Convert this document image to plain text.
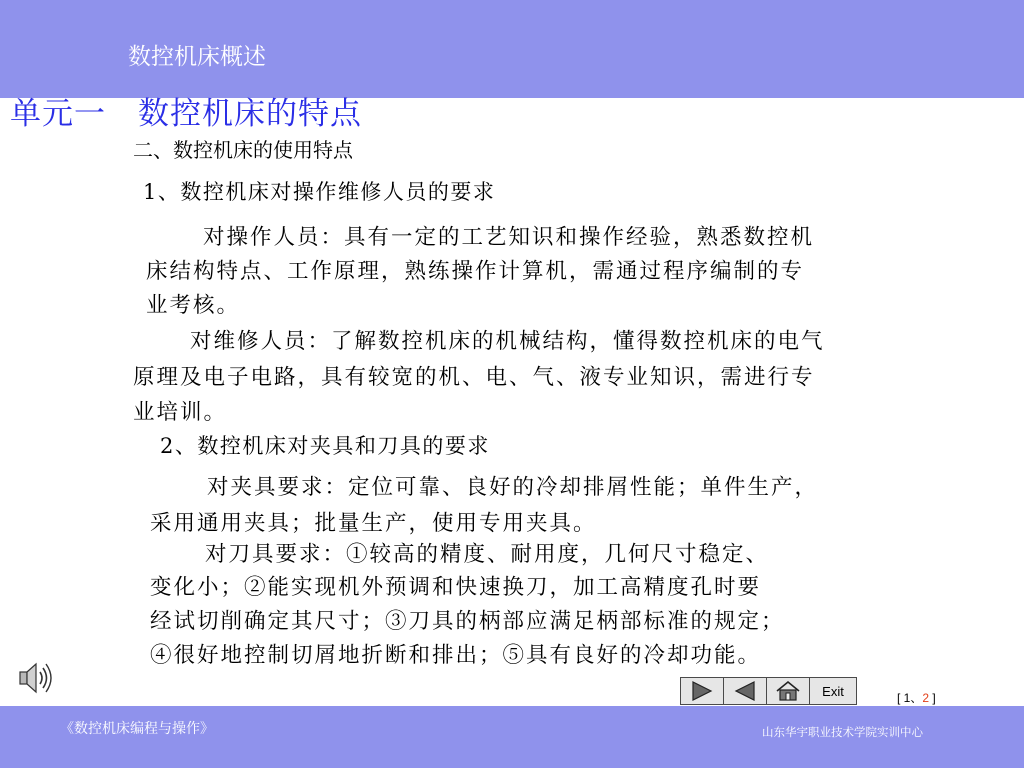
数控机床概述
单元一　数控机床的特点
二、数控机床的使用特点
1、数控机床对操作维修人员的要求
对操作人员：具有一定的工艺知识和操作经验，熟悉数控机
床结构特点、工作原理，熟练操作计算机，需通过程序编制的专
业考核。
对维修人员：了解数控机床的机械结构，懂得数控机床的电气
原理及电子电路，具有较宽的机、电、气、液专业知识，需进行专
业培训。
2、数控机床对夹具和刀具的要求
对夹具要求：定位可靠、良好的冷却排屑性能；单件生产，
采用通用夹具；批量生产，使用专用夹具。
对刀具要求：①较高的精度、耐用度，几何尺寸稳定、
变化小；②能实现机外预调和快速换刀，加工高精度孔时要
经试切削确定其尺寸；③刀具的柄部应满足柄部标准的规定；
④很好地控制切屑地折断和排出；⑤具有良好的冷却功能。
Exit	[ 1、2 ]
《数控机床编程与操作》	山东华宇职业技术学院实训中心
